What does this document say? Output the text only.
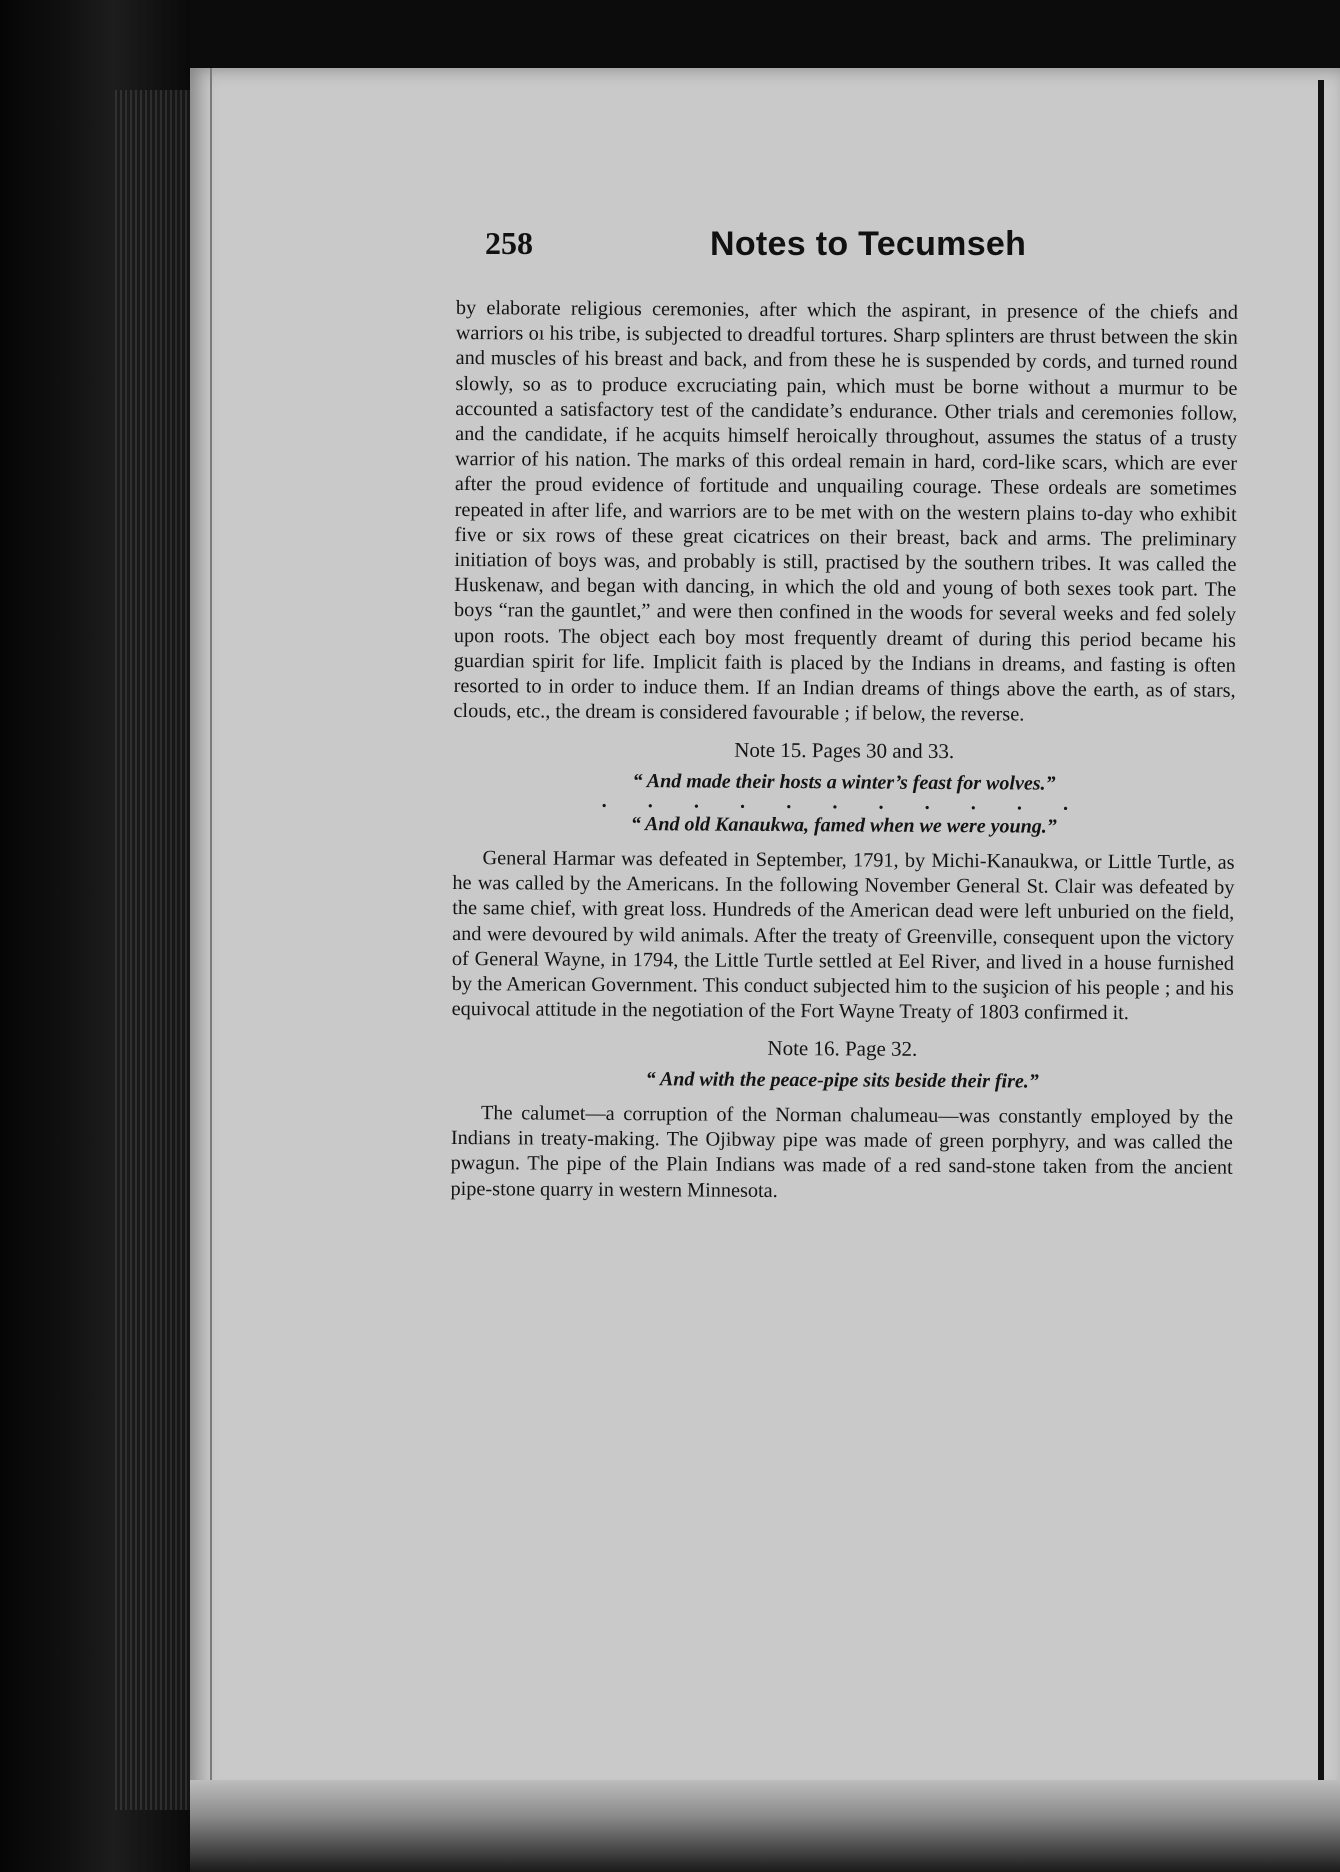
258	Notes to Tecumseh

by elaborate religious ceremonies, after which the aspirant, in presence of the chiefs and warriors oı his tribe, is subjected to dreadful tortures. Sharp splinters are thrust between the skin and muscles of his breast and back, and from these he is suspended by cords, and turned round slowly, so as to produce excruciating pain, which must be borne without a murmur to be accounted a satisfactory test of the candidate’s endurance. Other trials and ceremonies follow, and the candidate, if he acquits himself heroically throughout, assumes the status of a trusty warrior of his nation. The marks of this ordeal remain in hard, cord-like scars, which are ever after the proud evidence of fortitude and unquailing courage. These ordeals are sometimes repeated in after life, and warriors are to be met with on the western plains to-day who exhibit five or six rows of these great cicatrices on their breast, back and arms. The preliminary initiation of boys was, and probably is still, practised by the southern tribes. It was called the Huskenaw, and began with dancing, in which the old and young of both sexes took part. The boys “ran the gauntlet,” and were then confined in the woods for several weeks and fed solely upon roots. The object each boy most frequently dreamt of during this period became his guardian spirit for life. Implicit faith is placed by the Indians in dreams, and fasting is often resorted to in order to induce them. If an Indian dreams of things above the earth, as of stars, clouds, etc., the dream is considered favourable ; if below, the reverse.

Note 15. Pages 30 and 33.
“ And made their hosts a winter’s feast for wolves.”
. . . . . . . . . . .
“ And old Kanaukwa, famed when we were young.”

General Harmar was defeated in September, 1791, by Michi-Kanaukwa, or Little Turtle, as he was called by the Americans. In the following November General St. Clair was defeated by the same chief, with great loss. Hundreds of the American dead were left unburied on the field, and were devoured by wild animals. After the treaty of Greenville, consequent upon the victory of General Wayne, in 1794, the Little Turtle settled at Eel River, and lived in a house furnished by the American Government. This conduct subjected him to the suşicion of his people ; and his equivocal attitude in the negotiation of the Fort Wayne Treaty of 1803 confirmed it.

Note 16. Page 32.
“ And with the peace-pipe sits beside their fire.”

The calumet—a corruption of the Norman chalumeau—was constantly employed by the Indians in treaty-making. The Ojibway pipe was made of green porphyry, and was called the pwagun. The pipe of the Plain Indians was made of a red sand-stone taken from the ancient pipe-stone quarry in western Minnesota.
